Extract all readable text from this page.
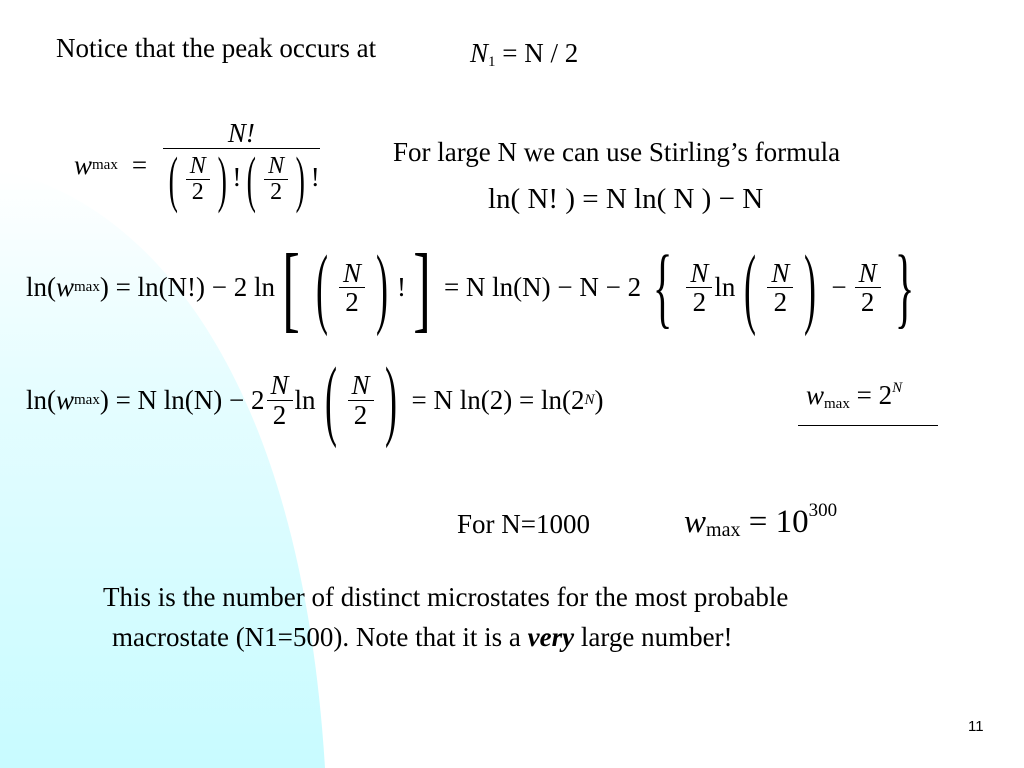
Notice that the peak occurs at	$N_1 = N / 2$
w $\max = \frac{N!}{( \frac{N}{2} ) !( \frac{N}{2} ) !}$	For large N we can use Stirling’s formula
ln( N! ) = N ln( N ) − N
ln( w max ) = ln(N!) − 2 ln [ ( $\frac{N}{2}$ ) ! ] = N ln(N) − N − 2 { $\frac{N}{2}$ ln ( $\frac{N}{2}$ ) − $\frac{N}{2}$ }
ln( w max ) = N $\ln(N) - 2 \frac{N}{2}$ ln ( $\frac{N}{2}$ ) = N ln(2) = ln(2 N )	$w_{max} = 2^N$
For N=1000	$w_{max} = 10^{300}$
This is the number of distinct microstates for the most probable
macrostate (N1=500). Note that it is a very large number!
11
